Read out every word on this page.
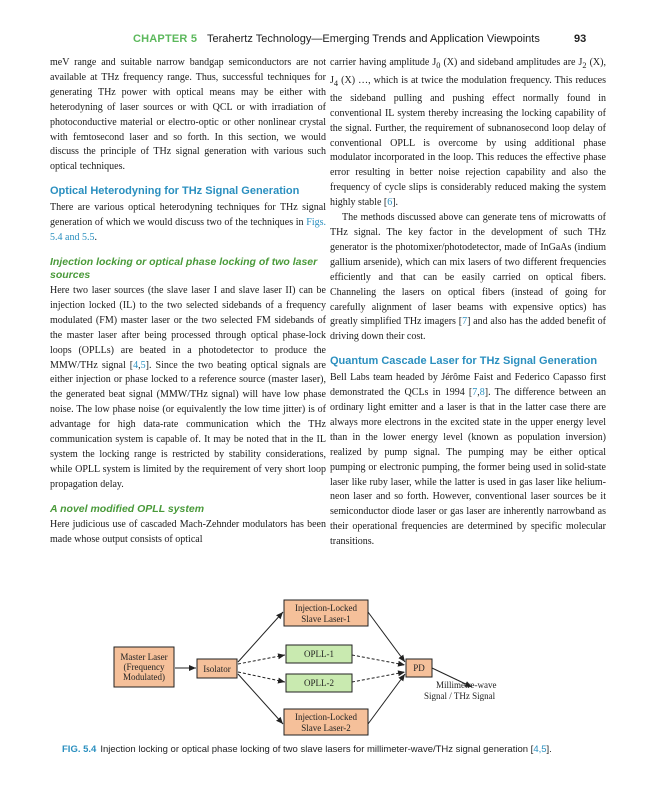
CHAPTER 5 Terahertz Technology—Emerging Trends and Application Viewpoints	93

meV range and suitable narrow bandgap semiconductors are not available at THz frequency range. Thus, successful techniques for generating THz power with optical means may be either with heterodyning of laser sources or with QCL or with irradiation of photoconductive material or electro-optic or other nonlinear crystal with femtosecond laser and so forth. In this section, we would discuss the principle of THz signal generation with various such optical techniques.

Optical Heterodyning for THz Signal Generation

There are various optical heterodyning techniques for THz signal generation of which we would discuss two of the techniques in Figs. 5.4 and 5.5.

Injection locking or optical phase locking of two laser sources

Here two laser sources (the slave laser I and slave laser II) can be injection locked (IL) to the two selected sidebands of a frequency modulated (FM) master laser or the two selected FM sidebands of the master laser after being processed through optical phase-lock loops (OPLLs) are beated in a photodetector to produce the MMW/THz signal [4,5]. Since the two beating optical signals are either injection or phase locked to a reference source (master laser), the generated beat signal (MMW/THz signal) will have low phase noise. The low phase noise (or equivalently the low time jitter) is of advantage for high data-rate communication which the THz communication system is capable of. It may be noted that in the IL system the locking range is restricted by stability considerations, while OPLL system is limited by the requirement of very short loop propagation delay.

A novel modified OPLL system

Here judicious use of cascaded Mach-Zehnder modulators has been made whose output consists of optical

carrier having amplitude $J_0$ (X) and sideband amplitudes are $J_2$ (X), $J_4$ (X) …, which is at twice the modulation frequency. This reduces the sideband pulling and pushing effect normally found in conventional IL system thereby increasing the locking capability of the signal. Further, the requirement of subnanosecond loop delay of conventional OPLL is overcome by using additional phase modulator incorporated in the loop. This reduces the effective phase error resulting in better noise rejection capability and also the frequency of cycle slips is considerably reduced making the system highly stable [6].

The methods discussed above can generate tens of microwatts of THz signal. The key factor in the development of such THz generator is the photomixer/photodetector, made of InGaAs (indium gallium arsenide), which can mix lasers of two different frequencies efficiently and that can be easily carried on optical fibers. Channeling the lasers on optical fibers (instead of going for carefully alignment of laser beams with expensive optics) has greatly simplified THz imagers [7] and also has the added benefit of driving down their cost.

Quantum Cascade Laser for THz Signal Generation

Bell Labs team headed by Jérôme Faist and Federico Capasso first demonstrated the QCLs in 1994 [7,8]. The difference between an ordinary light emitter and a laser is that in the latter case there are always more electrons in the excited state in the upper energy level than in the lower energy level (known as population inversion) realized by pump signal. The pumping may be either optical pumping or electronic pumping, the former being used in solid-state laser like ruby laser, while the latter is used in gas laser like helium-neon laser and so forth. However, conventional laser sources be it semiconductor diode laser or gas laser are inherently narrowband as their operational frequencies are determined by specific molecular transitions.

Master Laser
(Frequency
Modulated)
Isolator
Injection-Locked
Slave Laser-1
OPLL-1
OPLL-2
Injection-Locked
Slave Laser-2
PD
Millimetre-wave
Signal / THz Signal
FIG. 5.4 Injection locking or optical phase locking of two slave lasers for millimeter-wave/THz signal generation [4,5].
